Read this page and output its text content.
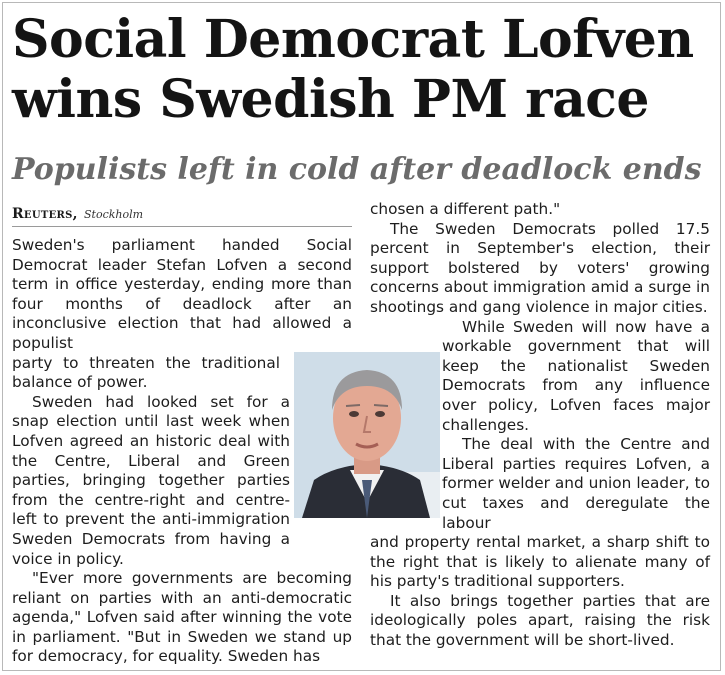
Social Democrat Lofven
wins Swedish PM race
Populists left in cold after deadlock ends
Reuters, Stockholm

Sweden's parliament handed Social Democrat leader Stefan Lofven a second term in office yesterday, ending more than four months of deadlock after an inconclusive election that had allowed a populist

party to threaten the traditional balance of power.

Sweden had looked set for a snap election until last week when Lofven agreed an historic deal with the Centre, Liberal and Green parties, bringing together parties from the centre-right and centre-left to prevent the anti-immigration Sweden Democrats from having a voice in policy.

"Ever more governments are becoming reliant on parties with an anti-democratic agenda," Lofven said after winning the vote in parliament. "But in Sweden we stand up for democracy, for equality. Sweden has

chosen a different path."

The Sweden Democrats polled 17.5 percent in September's election, their support bolstered by voters' growing concerns about immigration amid a surge in shootings and gang violence in major cities.

While Sweden will now have a workable government that will keep the nationalist Sweden Democrats from any influence over policy, Lofven faces major challenges.

The deal with the Centre and Liberal parties requires Lofven, a former welder and union leader, to cut taxes and deregulate the labour

and property rental market, a sharp shift to the right that is likely to alienate many of his party's traditional supporters.

It also brings together parties that are ideologically poles apart, raising the risk that the government will be short-lived.
